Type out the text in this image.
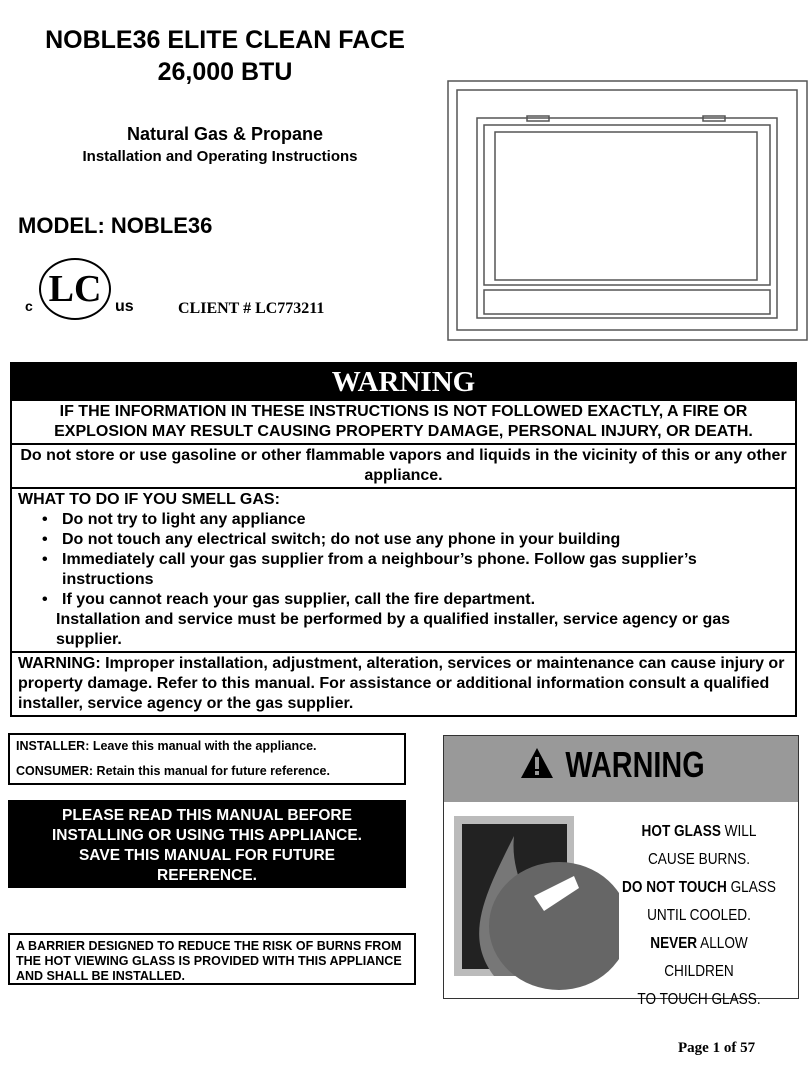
NOBLE36 ELITE CLEAN FACE
26,000 BTU
Natural Gas & Propane
Installation and Operating Instructions
MODEL: NOBLE36
c LC us	CLIENT # LC773211
WARNING
IF THE INFORMATION IN THESE INSTRUCTIONS IS NOT FOLLOWED EXACTLY, A FIRE OR EXPLOSION MAY RESULT CAUSING PROPERTY DAMAGE, PERSONAL INJURY, OR DEATH.
Do not store or use gasoline or other flammable vapors and liquids in the vicinity of this or any other appliance.
WHAT TO DO IF YOU SMELL GAS:
• Do not try to light any appliance
• Do not touch any electrical switch; do not use any phone in your building
• Immediately call your gas supplier from a neighbour’s phone. Follow gas supplier’s instructions
• If you cannot reach your gas supplier, call the fire department.
Installation and service must be performed by a qualified installer, service agency or gas supplier.
WARNING: Improper installation, adjustment, alteration, services or maintenance can cause injury or property damage. Refer to this manual. For assistance or additional information consult a qualified installer, service agency or the gas supplier.
INSTALLER: Leave this manual with the appliance.
CONSUMER: Retain this manual for future reference.
PLEASE READ THIS MANUAL BEFORE INSTALLING OR USING THIS APPLIANCE. SAVE THIS MANUAL FOR FUTURE REFERENCE.
A BARRIER DESIGNED TO REDUCE THE RISK OF BURNS FROM THE HOT VIEWING GLASS IS PROVIDED WITH THIS APPLIANCE AND SHALL BE INSTALLED.
WARNING
HOT GLASS WILL
CAUSE BURNS.
DO NOT TOUCH GLASS
UNTIL COOLED.
NEVER ALLOW CHILDREN
TO TOUCH GLASS.
Page 1 of 57
